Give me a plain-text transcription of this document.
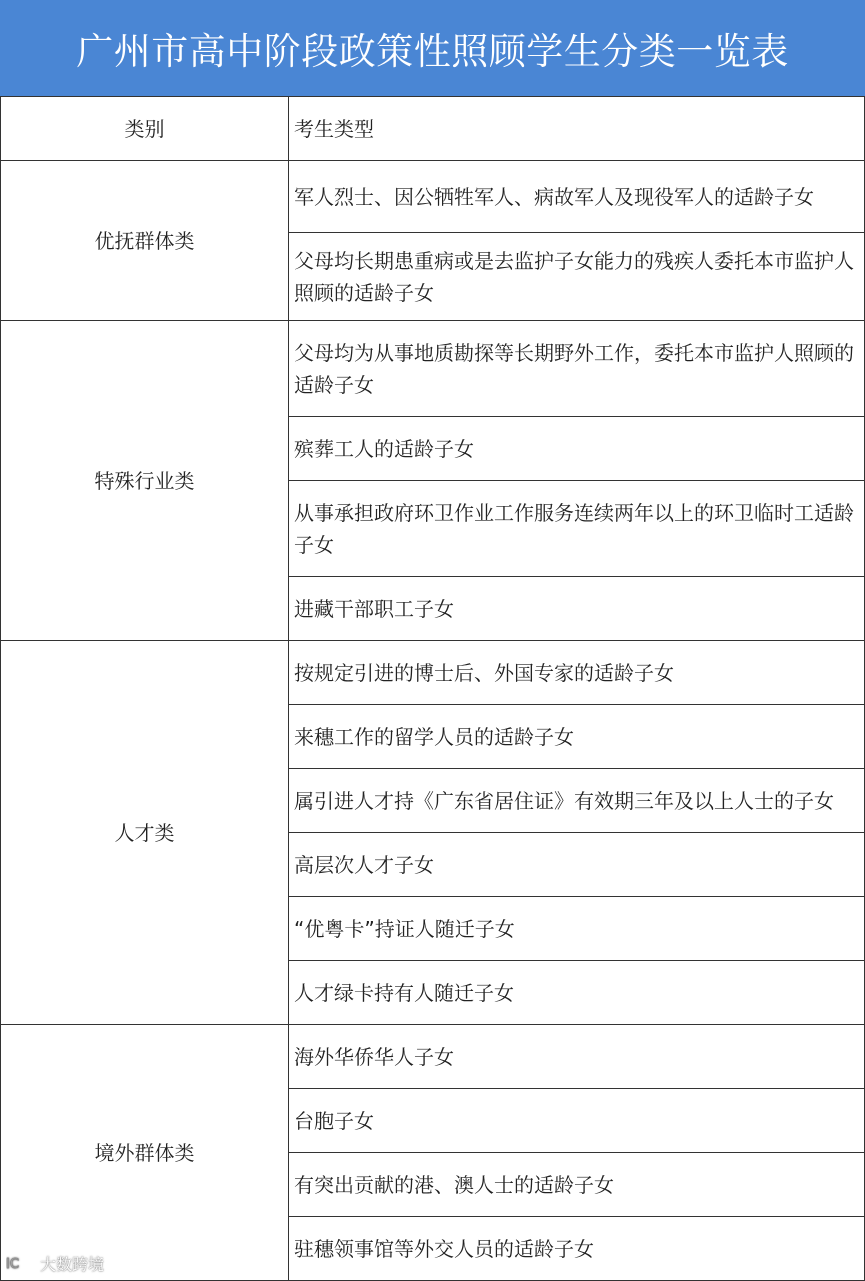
广州市高中阶段政策性照顾学生分类一览表
类别	考生类型
优抚群体类	军人烈士、因公牺牲军人、病故军人及现役军人的适龄子女
	父母均长期患重病或是去监护子女能力的残疾人委托本市监护人照顾的适龄子女
特殊行业类	父母均为从事地质勘探等长期野外工作，委托本市监护人照顾的适龄子女
	殡葬工人的适龄子女
	从事承担政府环卫作业工作服务连续两年以上的环卫临时工适龄子女
	进藏干部职工子女
人才类	按规定引进的博士后、外国专家的适龄子女
	来穗工作的留学人员的适龄子女
	属引进人才持《广东省居住证》有效期三年及以上人士的子女
	高层次人才子女
	“优粤卡”持证人随迁子女
	人才绿卡持有人随迁子女
境外群体类	海外华侨华人子女
	台胞子女
	有突出贡献的港、澳人士的适龄子女
	驻穗领事馆等外交人员的适龄子女
IC 大数跨境
